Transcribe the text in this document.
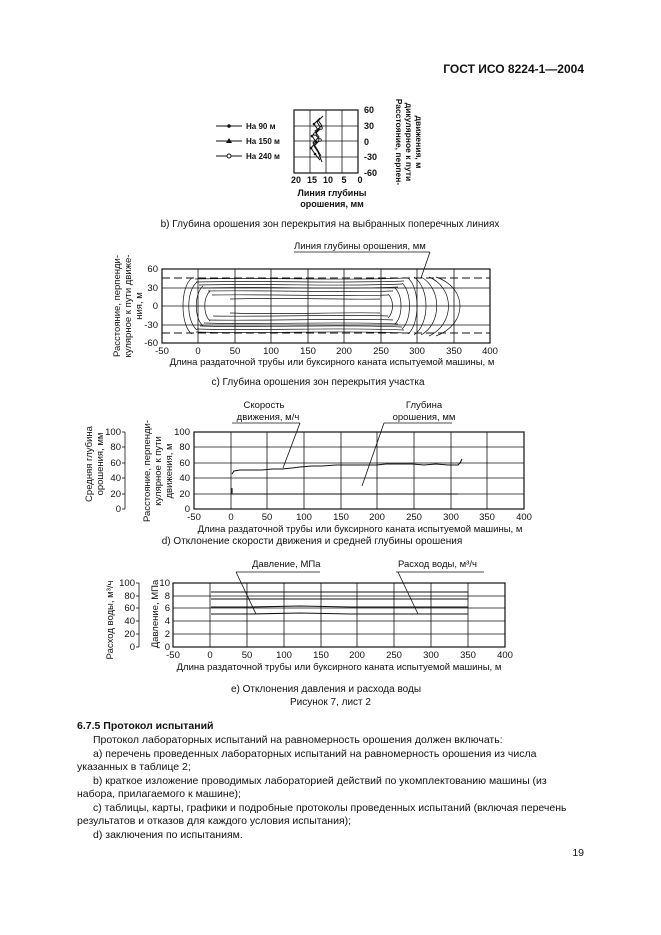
ГОСТ ИСО 8224-1—2004
На 90 м
На 150 м
На 240 м
20 15 10 5 0
Линия глубины
орошения, мм
60
30
0
-30
-60 Расстояние, перпен- дикулярное к пути движения, м
b) Глубина орошения зон перекрытия на выбранных поперечных линиях
Линия глубины орошения, мм
Расстояние, перпенди- кулярное к пути движе- ния, м
60
30
0
-30
-60
-50	0	50 100 150 200 250 300 350 400
Длина раздаточной трубы или буксирного каната испытуемой машины, м
c) Глубина орошения зон перекрытия участка
Скорость
движения, м/ч
Глубина
орошения, мм
Средняя глубина орошения, мм
100
80
60
40
20
0 Расстояние, перпенди- кулярное к пути движения, м
100
80
60
40
20
0
-50	0	50	100 150 200 250 300 350 400
Длина раздаточной трубы или буксирного каната испытуемой машины, м
d) Отклонение скорости движения и средней глубины орошения
Давление, МПа	Расход воды, м³/ч
Расход воды, м³/ч 100
80
60
40
20
0 Давление, МПа
10
8
6
4
2
0
-50	0	50	100 150 200 250 300 350 400
Длина раздаточной трубы или буксирного каната испытуемой машины, м
e) Отклонения давления и расхода воды
Рисунок 7, лист 2
6.7.5 Протокол испытаний
Протокол лабораторных испытаний на равномерность орошения должен включать:
a) перечень проведенных лабораторных испытаний на равномерность орошения из числа указанных в таблице 2;
b) краткое изложение проводимых лабораторией действий по укомплектованию машины (из набора, прилагаемого к машине);
c) таблицы, карты, графики и подробные протоколы проведенных испытаний (включая перечень результатов и отказов для каждого условия испытания);
d) заключения по испытаниям.
19
